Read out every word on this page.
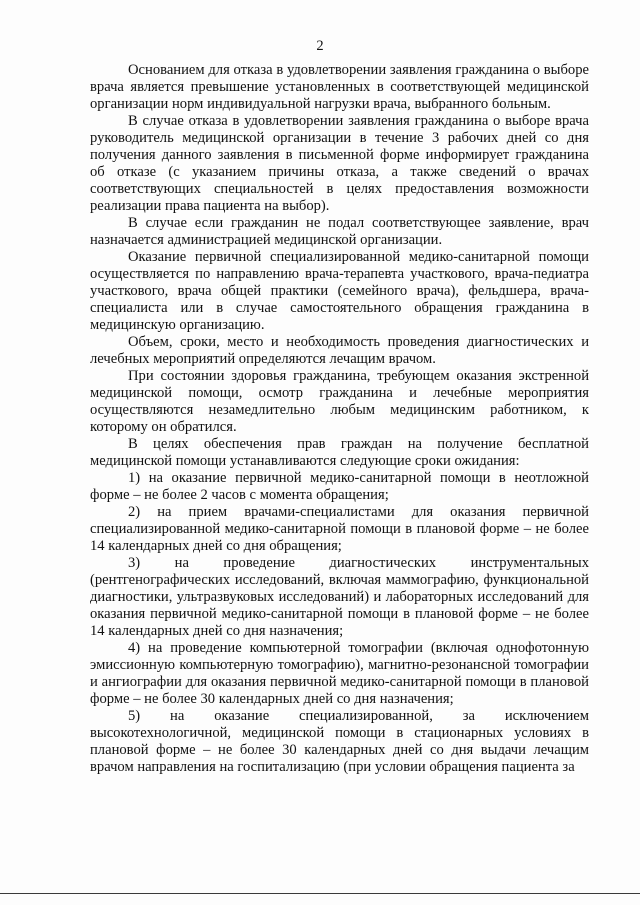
2

Основанием для отказа в удовлетворении заявления гражданина о выборе врача является превышение установленных в соответствующей медицинской организации норм индивидуальной нагрузки врача, выбранного больным.

В случае отказа в удовлетворении заявления гражданина о выборе врача руководитель медицинской организации в течение 3 рабочих дней со дня получения данного заявления в письменной форме информирует гражданина об отказе (с указанием причины отказа, а также сведений о врачах соответствующих специальностей в целях предоставления возможности реализации права пациента на выбор).

В случае если гражданин не подал соответствующее заявление, врач назначается администрацией медицинской организации.

Оказание первичной специализированной медико-санитарной помощи осуществляется по направлению врача-терапевта участкового, врача-педиатра участкового, врача общей практики (семейного врача), фельдшера, врача-специалиста или в случае самостоятельного обращения гражданина в медицинскую организацию.

Объем, сроки, место и необходимость проведения диагностических и лечебных мероприятий определяются лечащим врачом.

При состоянии здоровья гражданина, требующем оказания экстренной медицинской помощи, осмотр гражданина и лечебные мероприятия осуществляются незамедлительно любым медицинским работником, к которому он обратился.

В целях обеспечения прав граждан на получение бесплатной медицинской помощи устанавливаются следующие сроки ожидания:

1) на оказание первичной медико-санитарной помощи в неотложной форме – не более 2 часов с момента обращения;

2) на прием врачами-специалистами для оказания первичной специализированной медико-санитарной помощи в плановой форме – не более 14 календарных дней со дня обращения;

3) на проведение диагностических инструментальных (рентгенографических исследований, включая маммографию, функциональной диагностики, ультразвуковых исследований) и лабораторных исследований для оказания первичной медико-санитарной помощи в плановой форме – не более 14 календарных дней со дня назначения;

4) на проведение компьютерной томографии (включая однофотонную эмиссионную компьютерную томографию), магнитно-резонансной томографии и ангиографии для оказания первичной медико-санитарной помощи в плановой форме – не более 30 календарных дней со дня назначения;

5) на оказание специализированной, за исключением высокотехнологичной, медицинской помощи в стационарных условиях в плановой форме – не более 30 календарных дней со дня выдачи лечащим врачом направления на госпитализацию (при условии обращения пациента за
